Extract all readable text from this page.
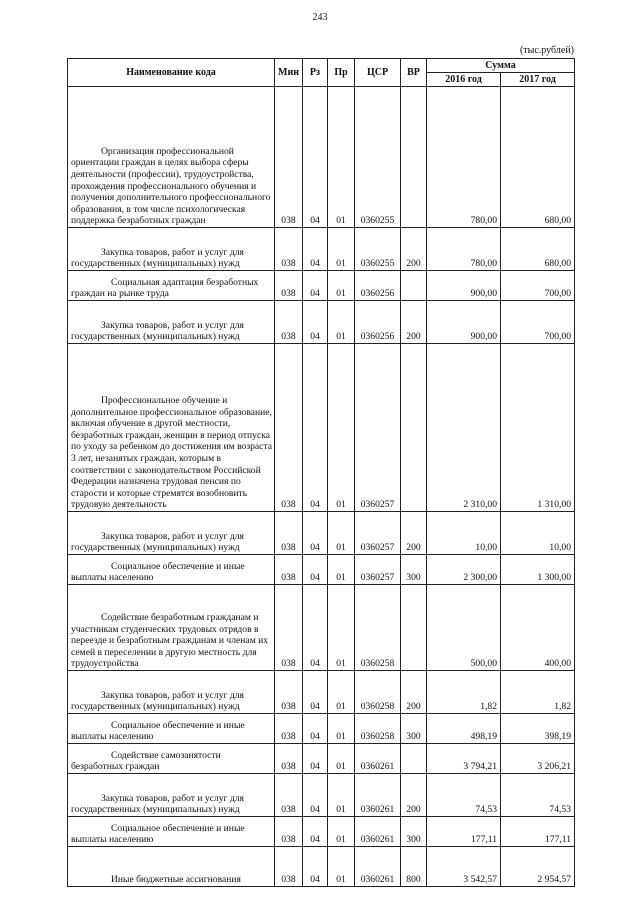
243
(тыс.рублей)
Наименование кода	Мин	Рз	Пр	ЦСР	ВР	Сумма	
						2016 год	2017 год
Организация профессиональной ориентации граждан в целях выбора сферы деятельности (профессии), трудоустройства, прохождения профессионального обучения и получения дополнительного профессионального образования, в том числе психологическая поддержка безработных граждан	038	04	01	0360255		780,00	680,00
Закупка товаров, работ и услуг для государственных (муниципальных) нужд	038	04	01	0360255	200	780,00	680,00
Социальная адаптация безработных граждан на рынке труда	038	04	01	0360256		900,00	700,00
Закупка товаров, работ и услуг для государственных (муниципальных) нужд	038	04	01	0360256	200	900,00	700,00
Профессиональное обучение и дополнительное профессиональное образование, включая обучение в другой местности, безработных граждан, женщин в период отпуска по уходу за ребенком до достижения им возраста 3 лет, незанятых граждан, которым в соответствии с законодательством Российской Федерации назначена трудовая пенсия по старости и которые стремятся возобновить трудовую деятельность	038	04	01	0360257		2 310,00	1 310,00
Закупка товаров, работ и услуг для государственных (муниципальных) нужд	038	04	01	0360257	200	10,00	10,00
Социальное обеспечение и иные выплаты населению	038	04	01	0360257	300	2 300,00	1 300,00
Содействие безработным гражданам и участникам студенческих трудовых отрядов в переезде и безработным гражданам и членам их семей в переселении в другую местность для трудоустройства	038	04	01	0360258		500,00	400,00
Закупка товаров, работ и услуг для государственных (муниципальных) нужд	038	04	01	0360258	200	1,82	1,82
Социальное обеспечение и иные выплаты населению	038	04	01	0360258	300	498,19	398,19
Содействие самозанятости безработных граждан	038	04	01	0360261		3 794,21	3 206,21
Закупка товаров, работ и услуг для государственных (муниципальных) нужд	038	04	01	0360261	200	74,53	74,53
Социальное обеспечение и иные выплаты населению	038	04	01	0360261	300	177,11	177,11
Иные бюджетные ассигнования	038	04	01	0360261	800	3 542,57	2 954,57
